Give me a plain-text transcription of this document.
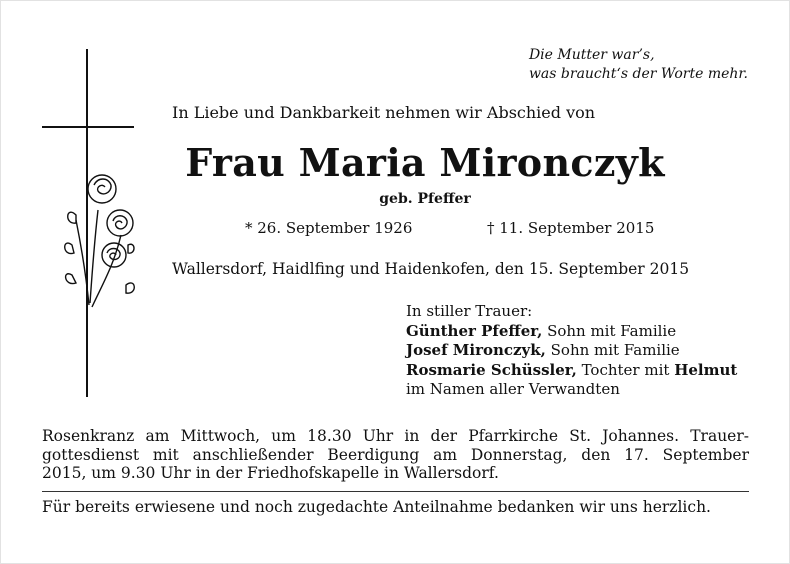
Die Mutter war’s,
was braucht‘s der Worte mehr.
In Liebe und Dankbarkeit nehmen wir Abschied von
Frau Maria Mironczyk
geb. Pfeffer
* 26. September 1926	† 11. September 2015
Wallersdorf, Haidlfing und Haidenkofen, den 15. September 2015
In stiller Trauer:
Günther Pfeffer, Sohn mit Familie
Josef Mironczyk, Sohn mit Familie
Rosmarie Schüssler, Tochter mit Helmut
im Namen aller Verwandten
Rosenkranz am Mittwoch, um 18.30 Uhr in der Pfarrkirche St. Johannes. Trauer-
gottesdienst mit anschließender Beerdigung am Donnerstag, den 17. September
2015, um 9.30 Uhr in der Friedhofskapelle in Wallersdorf.
Für bereits erwiesene und noch zugedachte Anteilnahme bedanken wir uns herzlich.
